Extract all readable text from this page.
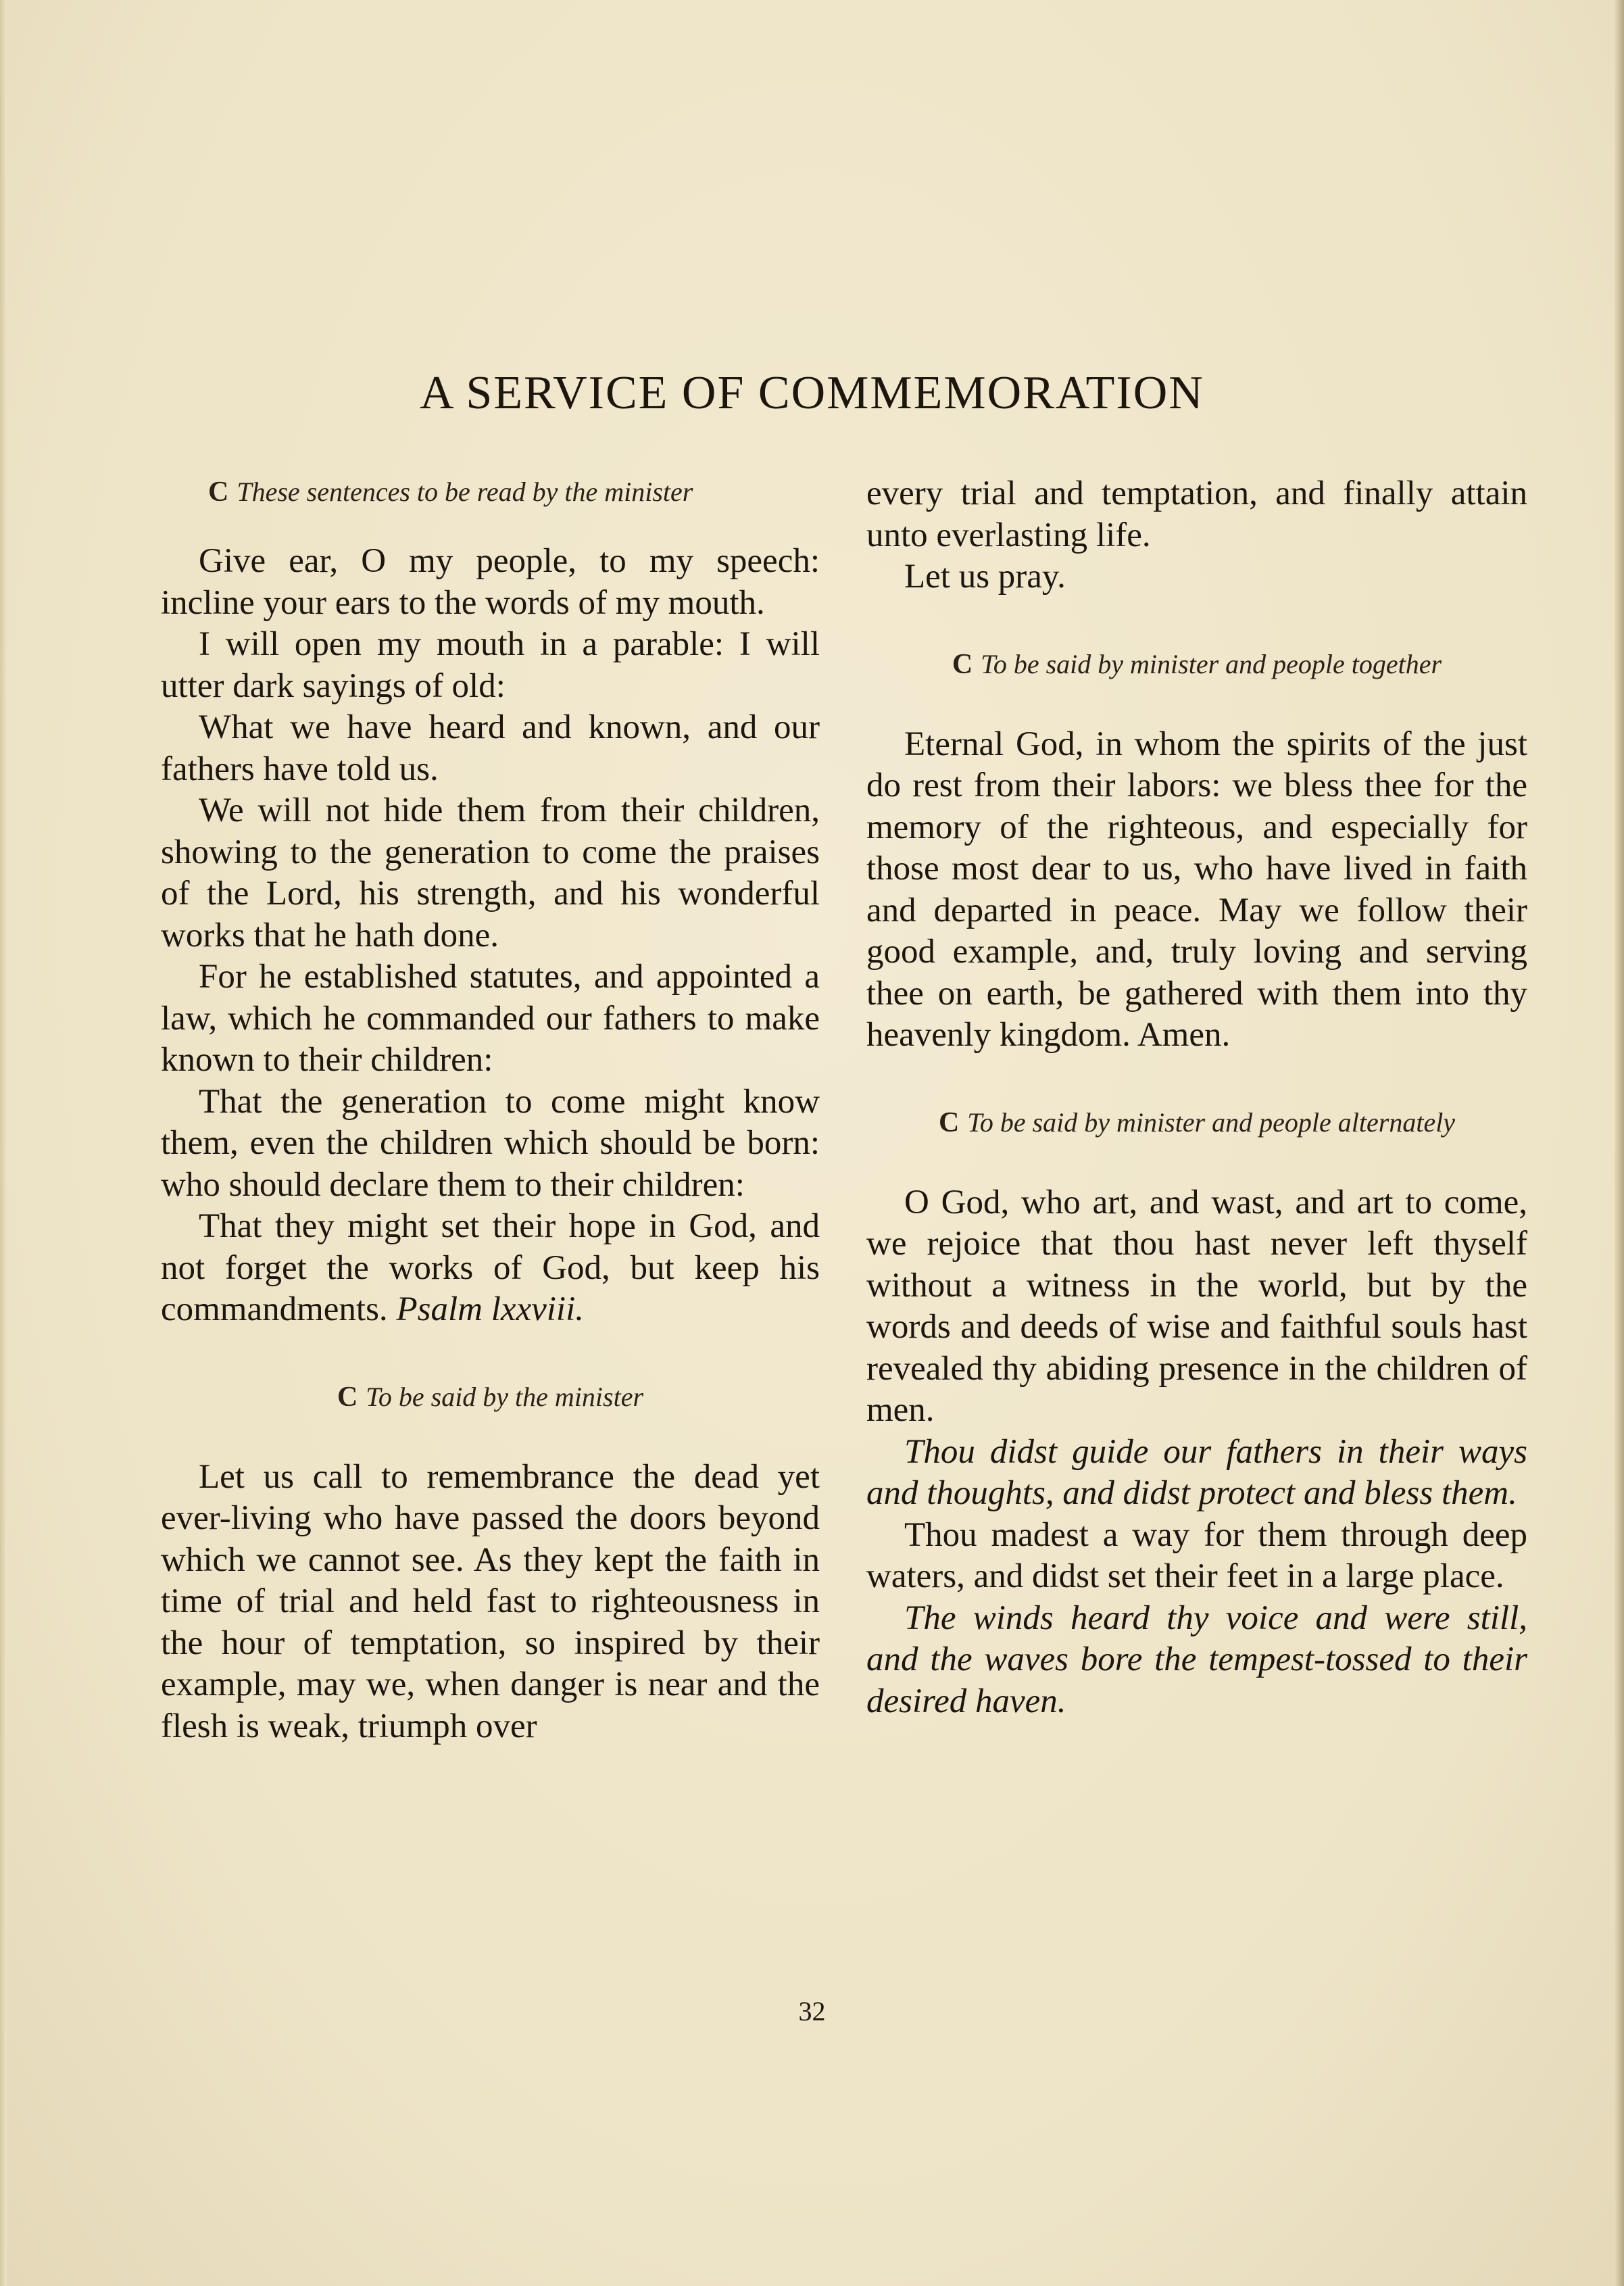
A SERVICE OF COMMEMORATION

C These sentences to be read by the minister

Give ear, O my people, to my speech: incline your ears to the words of my mouth.

I will open my mouth in a parable: I will utter dark sayings of old:

What we have heard and known, and our fathers have told us.

We will not hide them from their children, showing to the generation to come the praises of the Lord, his strength, and his wonderful works that he hath done.

For he established statutes, and appointed a law, which he commanded our fathers to make known to their children:

That the generation to come might know them, even the children which should be born: who should declare them to their children:

That they might set their hope in God, and not forget the works of God, but keep his commandments. Psalm lxxviii.

C To be said by the minister

Let us call to remembrance the dead yet ever-living who have passed the doors beyond which we cannot see. As they kept the faith in time of trial and held fast to righteousness in the hour of temptation, so inspired by their example, may we, when danger is near and the flesh is weak, triumph over

every trial and temptation, and finally attain unto everlasting life.

Let us pray.

C To be said by minister and people together

Eternal God, in whom the spirits of the just do rest from their labors: we bless thee for the memory of the righteous, and especially for those most dear to us, who have lived in faith and departed in peace. May we follow their good example, and, truly loving and serving thee on earth, be gathered with them into thy heavenly kingdom. Amen.

C To be said by minister and people alternately

O God, who art, and wast, and art to come, we rejoice that thou hast never left thyself without a witness in the world, but by the words and deeds of wise and faithful souls hast revealed thy abiding presence in the children of men.

Thou didst guide our fathers in their ways and thoughts, and didst protect and bless them.

Thou madest a way for them through deep waters, and didst set their feet in a large place.

The winds heard thy voice and were still, and the waves bore the tempest-tossed to their desired haven.

32
